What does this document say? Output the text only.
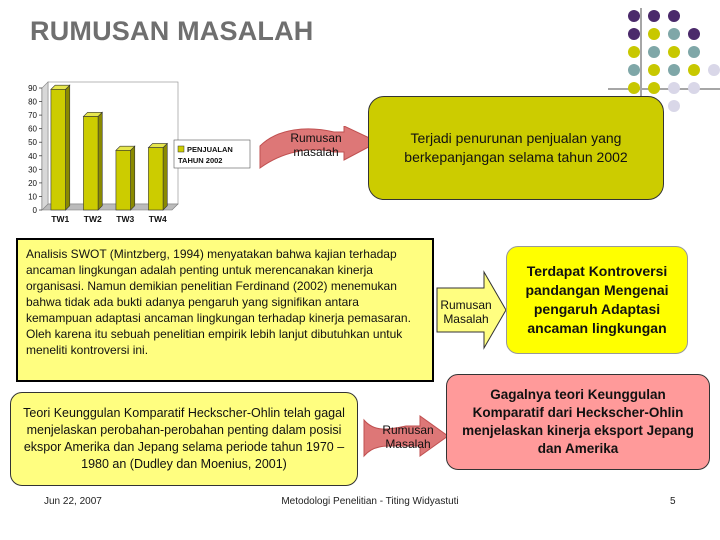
RUMUSAN MASALAH
0
10
20
30
40
50
60
70
80
90
TW1 TW2 TW3 TW4
PENJUALAN
TAHUN 2002
Rumusan masalah
Terjadi penurunan penjualan yang berkepanjangan selama tahun 2002
Analisis SWOT (Mintzberg, 1994) menyatakan bahwa kajian terhadap ancaman lingkungan adalah penting untuk merencanakan kinerja organisasi. Namun demikian penelitian Ferdinand (2002) menemukan bahwa tidak ada bukti adanya pengaruh yang signifikan antara kemampuan adaptasi ancaman lingkungan terhadap kinerja pemasaran. Oleh karena itu sebuah penelitian empirik lebih lanjut dibutuhkan untuk meneliti kontroversi ini.
Rumusan Masalah
Terdapat Kontroversi pandangan Mengenai pengaruh Adaptasi ancaman lingkungan
Teori Keunggulan Komparatif Heckscher-Ohlin telah gagal menjelaskan perobahan-perobahan penting dalam posisi ekspor Amerika dan Jepang selama periode tahun 1970 – 1980 an (Dudley dan Moenius, 2001)
Rumusan Masalah
Gagalnya teori Keunggulan Komparatif dari Heckscher-Ohlin menjelaskan kinerja eksport Jepang dan Amerika
Jun 22, 2007	Metodologi Penelitian - Titing Widyastuti	5
